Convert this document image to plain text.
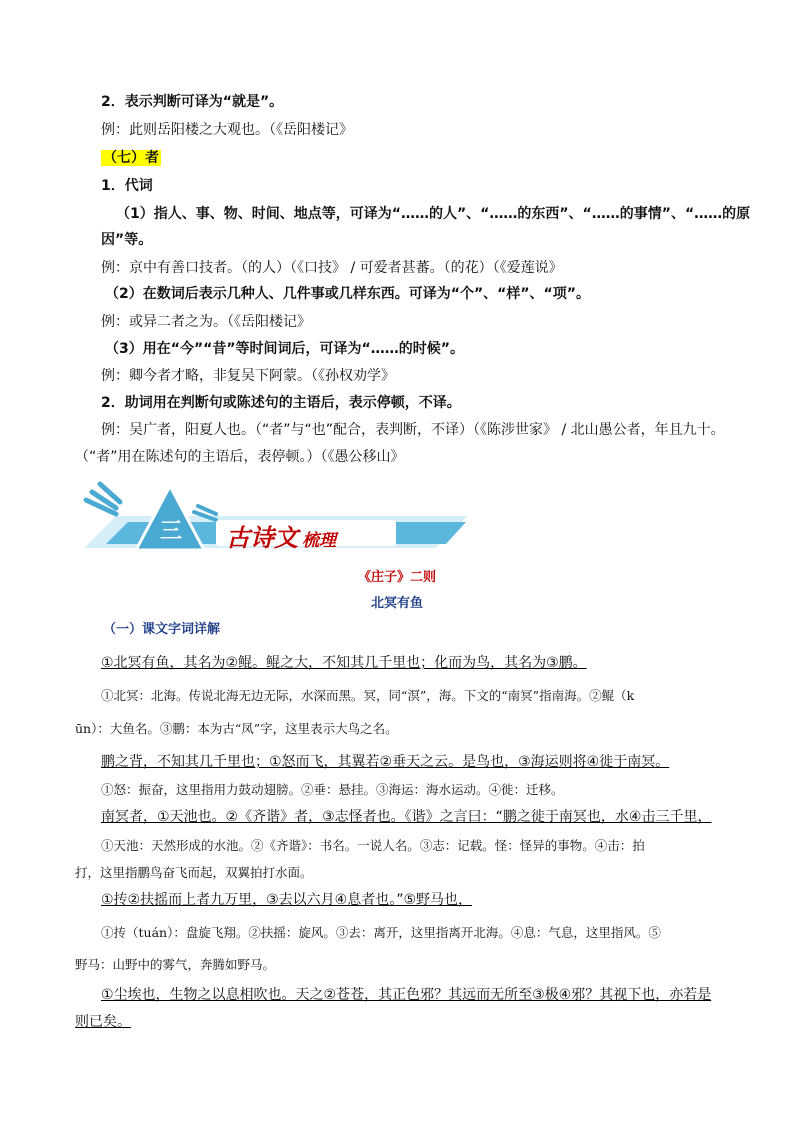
2．表示判断可译为“就是”。
例：此则岳阳楼之大观也。（《岳阳楼记》
（七）者
1．代词
（1）指人、事、物、时间、地点等，可译为“……的人”、“……的东西”、“……的事情”、“……的原
因”等。
例：京中有善口技者。（的人）（《口技》 / 可爱者甚蕃。（的花）（《爱莲说》
（2）在数词后表示几种人、几件事或几样东西。可译为“个”、“样”、“项”。
例：或异二者之为。（《岳阳楼记》
（3）用在“今”“昔”等时间词后，可译为“……的时候”。
例：卿今者才略，非复吴下阿蒙。（《孙权劝学》
2．助词用在判断句或陈述句的主语后，表示停顿，不译。
例：吴广者，阳夏人也。（“者”与“也”配合，表判断，不译）（《陈涉世家》 / 北山愚公者，年且九十。
（“者”用在陈述句的主语后，表停顿。）（《愚公移山》
三	古诗文 梳理
《庄子》二则
北冥有鱼
（一）课文字词详解
①北冥有鱼，其名为②鲲。鲲之大，不知其几千里也；化而为鸟，其名为③鹏。
①北冥：北海。传说北海无边无际，水深而黑。冥，同“溟”，海。下文的“南冥”指南海。②鲲（k
ūn）：大鱼名。③鹏：本为古“凤”字，这里表示大鸟之名。
鹏之背，不知其几千里也；①怒而飞，其翼若②垂天之云。是鸟也，③海运则将④徙于南冥。
①怒：振奋，这里指用力鼓动翅膀。②垂：悬挂。③海运：海水运动。④徙：迁移。
南冥者，①天池也。②《齐谐》者，③志怪者也。《谐》之言曰：“鹏之徙于南冥也，水④击三千里，
①天池：天然形成的水池。②《齐谐》：书名。一说人名。③志：记载。怪：怪异的事物。④击：拍
打，这里指鹏鸟奋飞而起，双翼拍打水面。
①抟②扶摇而上者九万里，③去以六月④息者也。”⑤野马也，
①抟（tuán）：盘旋飞翔。②扶摇：旋风。③去：离开，这里指离开北海。④息：气息，这里指风。⑤
野马：山野中的雾气，奔腾如野马。
①尘埃也，生物之以息相吹也。天之②苍苍，其正色邪？其远而无所至③极④邪？其视下也，亦若是
则已矣。
